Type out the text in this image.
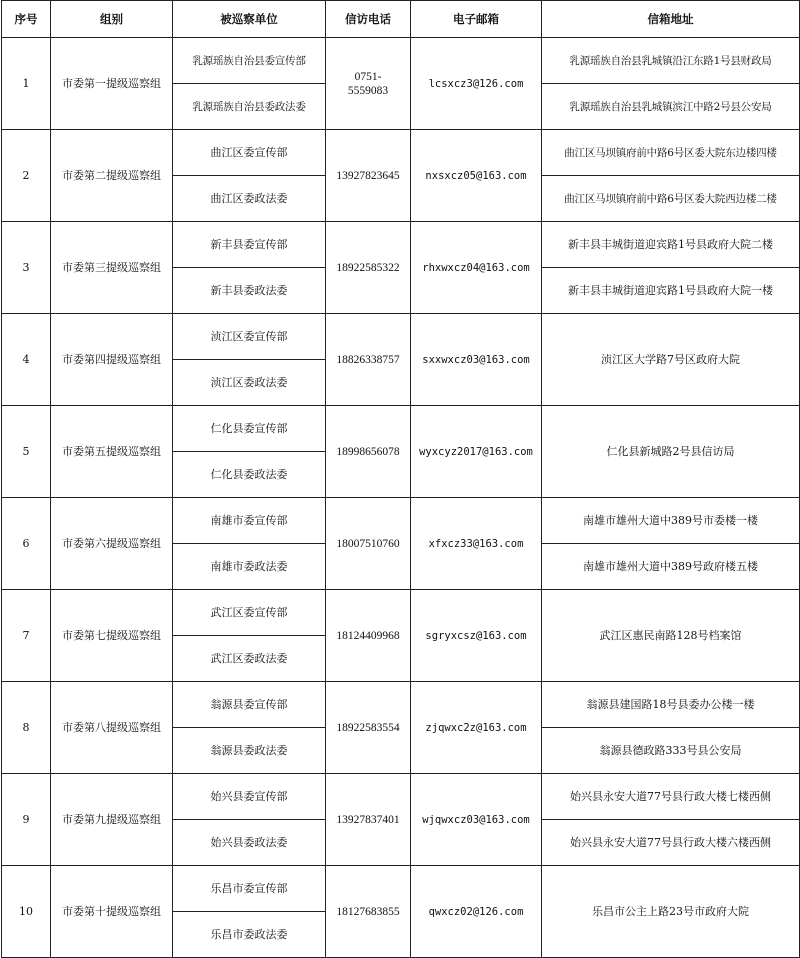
序号	组别	被巡察单位	信访电话	电子邮箱	信箱地址
1	市委第一提级巡察组	乳源瑶族自治县委宣传部	0751-5559083	lcsxcz3@126.com	乳源瑶族自治县乳城镇沿江东路1号县财政局
		乳源瑶族自治县委政法委			乳源瑶族自治县乳城镇滨江中路2号县公安局
2	市委第二提级巡察组	曲江区委宣传部	13927823645	nxsxcz05@163.com	曲江区马坝镇府前中路6号区委大院东边楼四楼
		曲江区委政法委			曲江区马坝镇府前中路6号区委大院西边楼二楼
3	市委第三提级巡察组	新丰县委宣传部	18922585322	rhxwxcz04@163.com	新丰县丰城街道迎宾路1号县政府大院二楼
		新丰县委政法委			新丰县丰城街道迎宾路1号县政府大院一楼
4	市委第四提级巡察组	浈江区委宣传部	18826338757	sxxwxcz03@163.com	浈江区大学路7号区政府大院
		浈江区委政法委			
5	市委第五提级巡察组	仁化县委宣传部	18998656078	wyxcyz2017@163.com	仁化县新城路2号县信访局
		仁化县委政法委			
6	市委第六提级巡察组	南雄市委宣传部	18007510760	xfxcz33@163.com	南雄市雄州大道中389号市委楼一楼
		南雄市委政法委			南雄市雄州大道中389号政府楼五楼
7	市委第七提级巡察组	武江区委宣传部	18124409968	sgryxcsz@163.com	武江区惠民南路128号档案馆
		武江区委政法委			
8	市委第八提级巡察组	翁源县委宣传部	18922583554	zjqwxc2z@163.com	翁源县建国路18号县委办公楼一楼
		翁源县委政法委			翁源县德政路333号县公安局
9	市委第九提级巡察组	始兴县委宣传部	13927837401	wjqwxcz03@163.com	始兴县永安大道77号县行政大楼七楼西侧
		始兴县委政法委			始兴县永安大道77号县行政大楼六楼西侧
10	市委第十提级巡察组	乐昌市委宣传部	18127683855	qwxcz02@126.com	乐昌市公主上路23号市政府大院
		乐昌市委政法委			
